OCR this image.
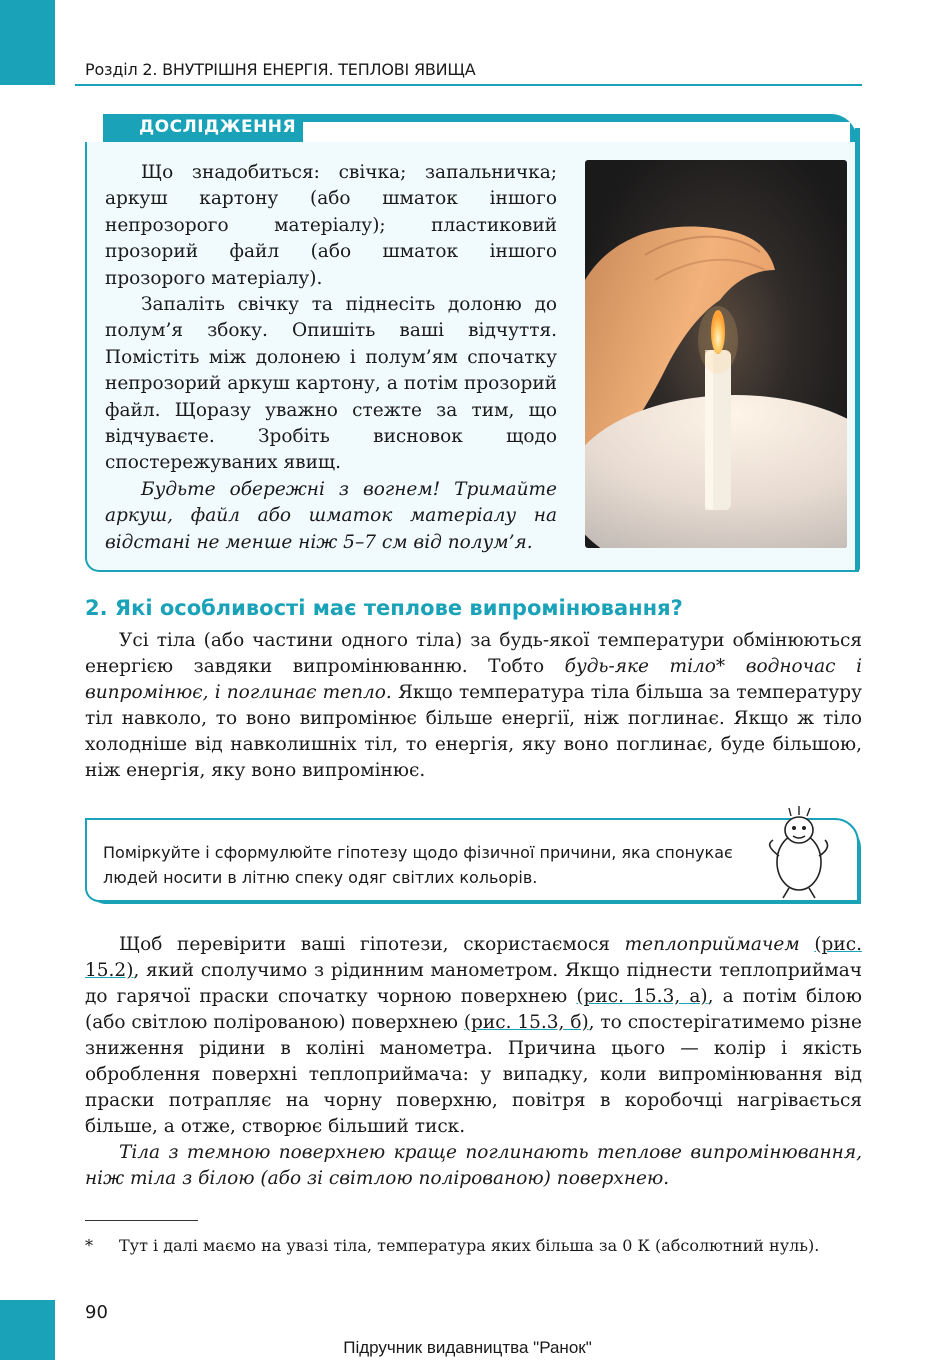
Розділ 2. ВНУТРІШНЯ ЕНЕРГІЯ. ТЕПЛОВІ ЯВИЩА
ДОСЛІДЖЕННЯ

Що знадобиться: свічка; запальничка; аркуш картону (або шматок іншого непрозорого матеріалу); пластиковий прозорий файл (або шматок іншого прозорого матеріалу).

Запаліть свічку та піднесіть долоню до полум’я збоку. Опишіть ваші відчуття. Помістіть між долонею і полум’ям спочатку непрозорий аркуш картону, а потім прозорий файл. Щоразу уважно стежте за тим, що відчуваєте. Зробіть висновок щодо спостережуваних явищ.

Будьте обережні з вогнем! Тримайте аркуш, файл або шматок матеріалу на відстані не менше ніж 5–7 см від полум’я.

2. Які особливості має теплове випромінювання?

Усі тіла (або частини одного тіла) за будь-якої температури обмінюються енергією завдяки випромінюванню. Тобто будь-яке тіло* водночас і випромінює, і поглинає тепло. Якщо температура тіла більша за температуру тіл навколо, то воно випромінює більше енергії, ніж поглинає. Якщо ж тіло холодніше від навколишніх тіл, то енергія, яку воно поглинає, буде більшою, ніж енергія, яку воно випромінює.

Поміркуйте і сформулюйте гіпотезу щодо фізичної причини, яка спонукає людей носити в літню спеку одяг світлих кольорів.

Щоб перевірити ваші гіпотези, скористаємося теплоприймачем (рис. 15.2), який сполучимо з рідинним манометром. Якщо піднести теплоприймач до гарячої праски спочатку чорною поверхнею (рис. 15.3, а), а потім білою (або світлою полірованою) поверхнею (рис. 15.3, б), то спостерігатимемо різне зниження рідини в коліні манометра. Причина цього — колір і якість оброблення поверхні теплоприймача: у випадку, коли випромінювання від праски потрапляє на чорну поверхню, повітря в коробочці нагрівається більше, а отже, створює більший тиск.

Тіла з темною поверхнею краще поглинають теплове випромінювання, ніж тіла з білою (або зі світлою полірованою) поверхнею.

* Тут і далі маємо на увазі тіла, температура яких більша за 0 К (абсолютний нуль).
90
Підручник видавництва "Ранок"
